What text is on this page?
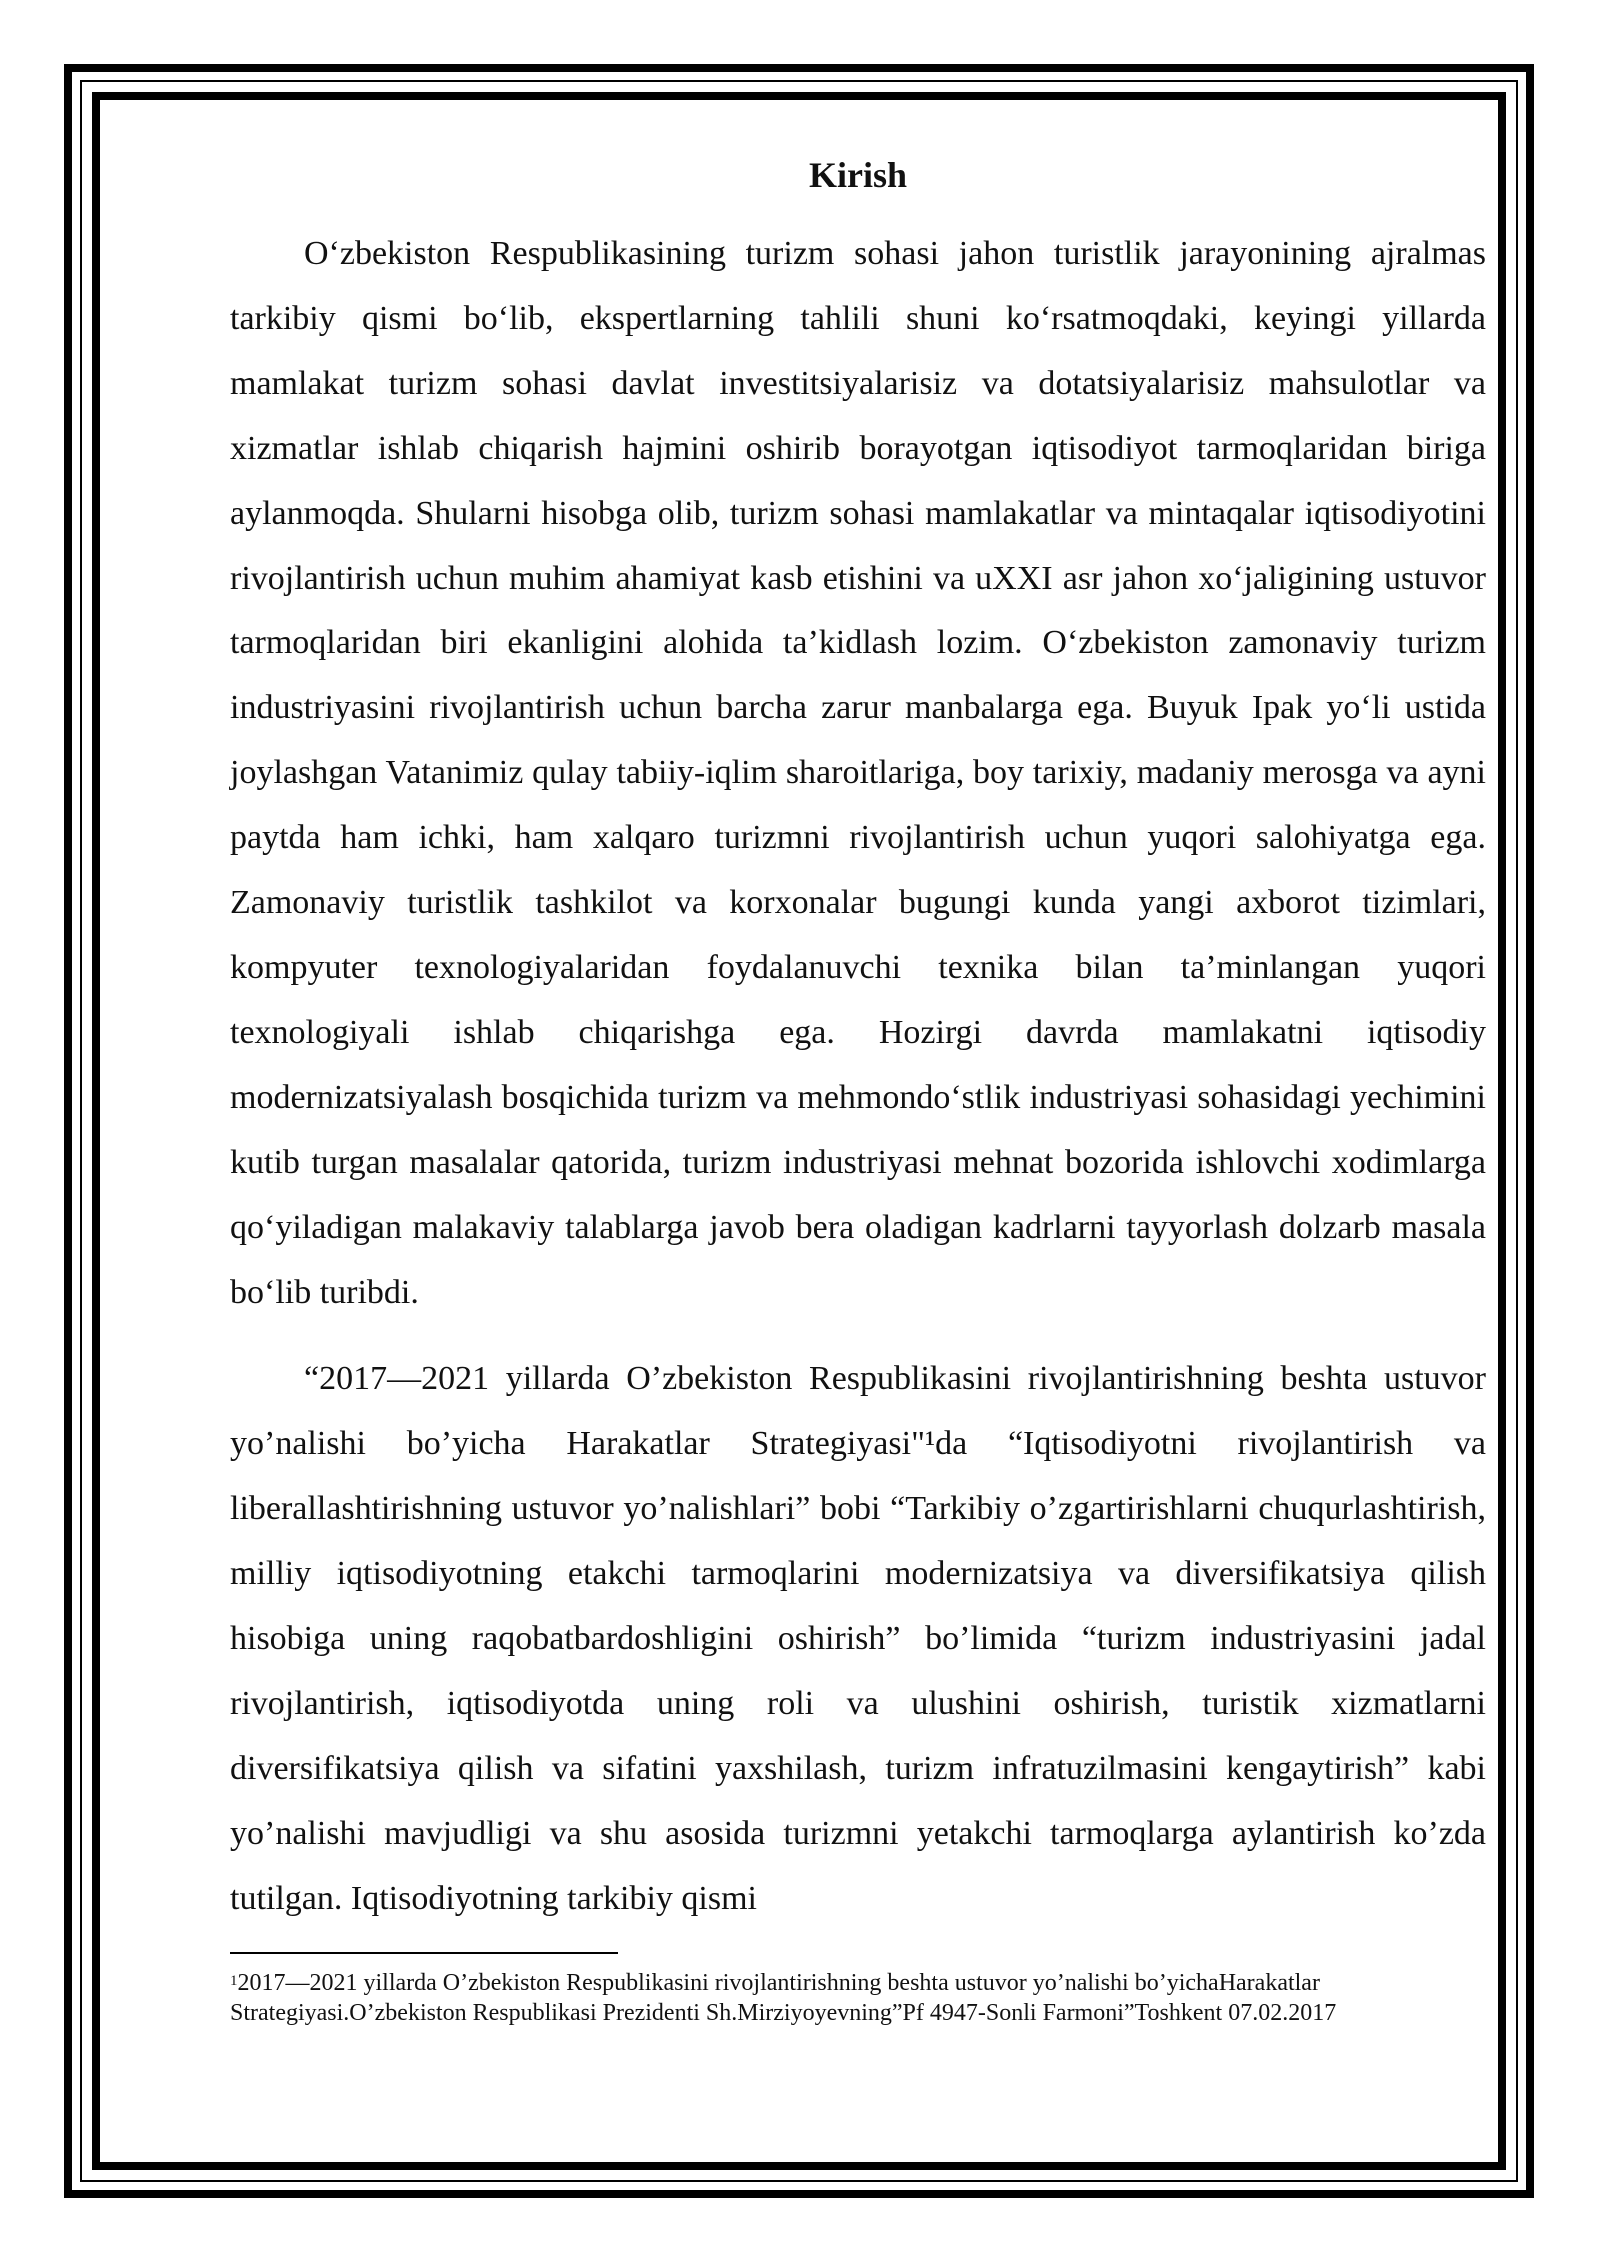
Kirish

O‘zbekiston Respublikasining turizm sohasi jahon turistlik jarayonining ajralmas tarkibiy qismi bo‘lib, ekspertlarning tahlili shuni ko‘rsatmoqdaki, keyingi yillarda mamlakat turizm sohasi davlat investitsiyalarisiz va dotatsiyalarisiz mahsulotlar va xizmatlar ishlab chiqarish hajmini oshirib borayotgan iqtisodiyot tarmoqlaridan biriga aylanmoqda. Shularni hisobga olib, turizm sohasi mamlakatlar va mintaqalar iqtisodiyotini rivojlantirish uchun muhim ahamiyat kasb etishini va uXXI asr jahon xo‘jaligining ustuvor tarmoqlaridan biri ekanligini alohida ta’kidlash lozim. O‘zbekiston zamonaviy turizm industriyasini rivojlantirish uchun barcha zarur manbalarga ega. Buyuk Ipak yo‘li ustida joylashgan Vatanimiz qulay tabiiy-iqlim sharoitlariga, boy tarixiy, madaniy merosga va ayni paytda ham ichki, ham xalqaro turizmni rivojlantirish uchun yuqori salohiyatga ega. Zamonaviy turistlik tashkilot va korxonalar bugungi kunda yangi axborot tizimlari, kompyuter texnologiyalaridan foydalanuvchi texnika bilan ta’minlangan yuqori texnologiyali ishlab chiqarishga ega. Hozirgi davrda mamlakatni iqtisodiy modernizatsiyalash bosqichida turizm va mehmondo‘stlik industriyasi sohasidagi yechimini kutib turgan masalalar qatorida, turizm industriyasi mehnat bozorida ishlovchi xodimlarga qo‘yiladigan malakaviy talablarga javob bera oladigan kadrlarni tayyorlash dolzarb masala bo‘lib turibdi.

“2017—2021 yillarda O’zbekiston Respublikasini rivojlantirishning beshta ustuvor yo’nalishi bo’yicha Harakatlar Strategiyasi"¹da “Iqtisodiyotni rivojlantirish va liberallashtirishning ustuvor yo’nalishlari” bobi “Tarkibiy o’zgartirishlarni chuqurlashtirish, milliy iqtisodiyotning etakchi tarmoqlarini modernizatsiya va diversifikatsiya qilish hisobiga uning raqobatbardoshligini oshirish” bo’limida “turizm industriyasini jadal rivojlantirish, iqtisodiyotda uning roli va ulushini oshirish, turistik xizmatlarni diversifikatsiya qilish va sifatini yaxshilash, turizm infratuzilmasini kengaytirish” kabi yo’nalishi mavjudligi va shu asosida turizmni yetakchi tarmoqlarga aylantirish ko’zda tutilgan. Iqtisodiyotning tarkibiy qismi

$^1$2017—2021 yillarda O’zbekiston Respublikasini rivojlantirishning beshta ustuvor yo’nalishi bo’yichaHarakatlar Strategiyasi.O’zbekiston Respublikasi Prezidenti Sh.Mirziyoyevning”Pf 4947-Sonli Farmoni”Toshkent 07.02.2017
